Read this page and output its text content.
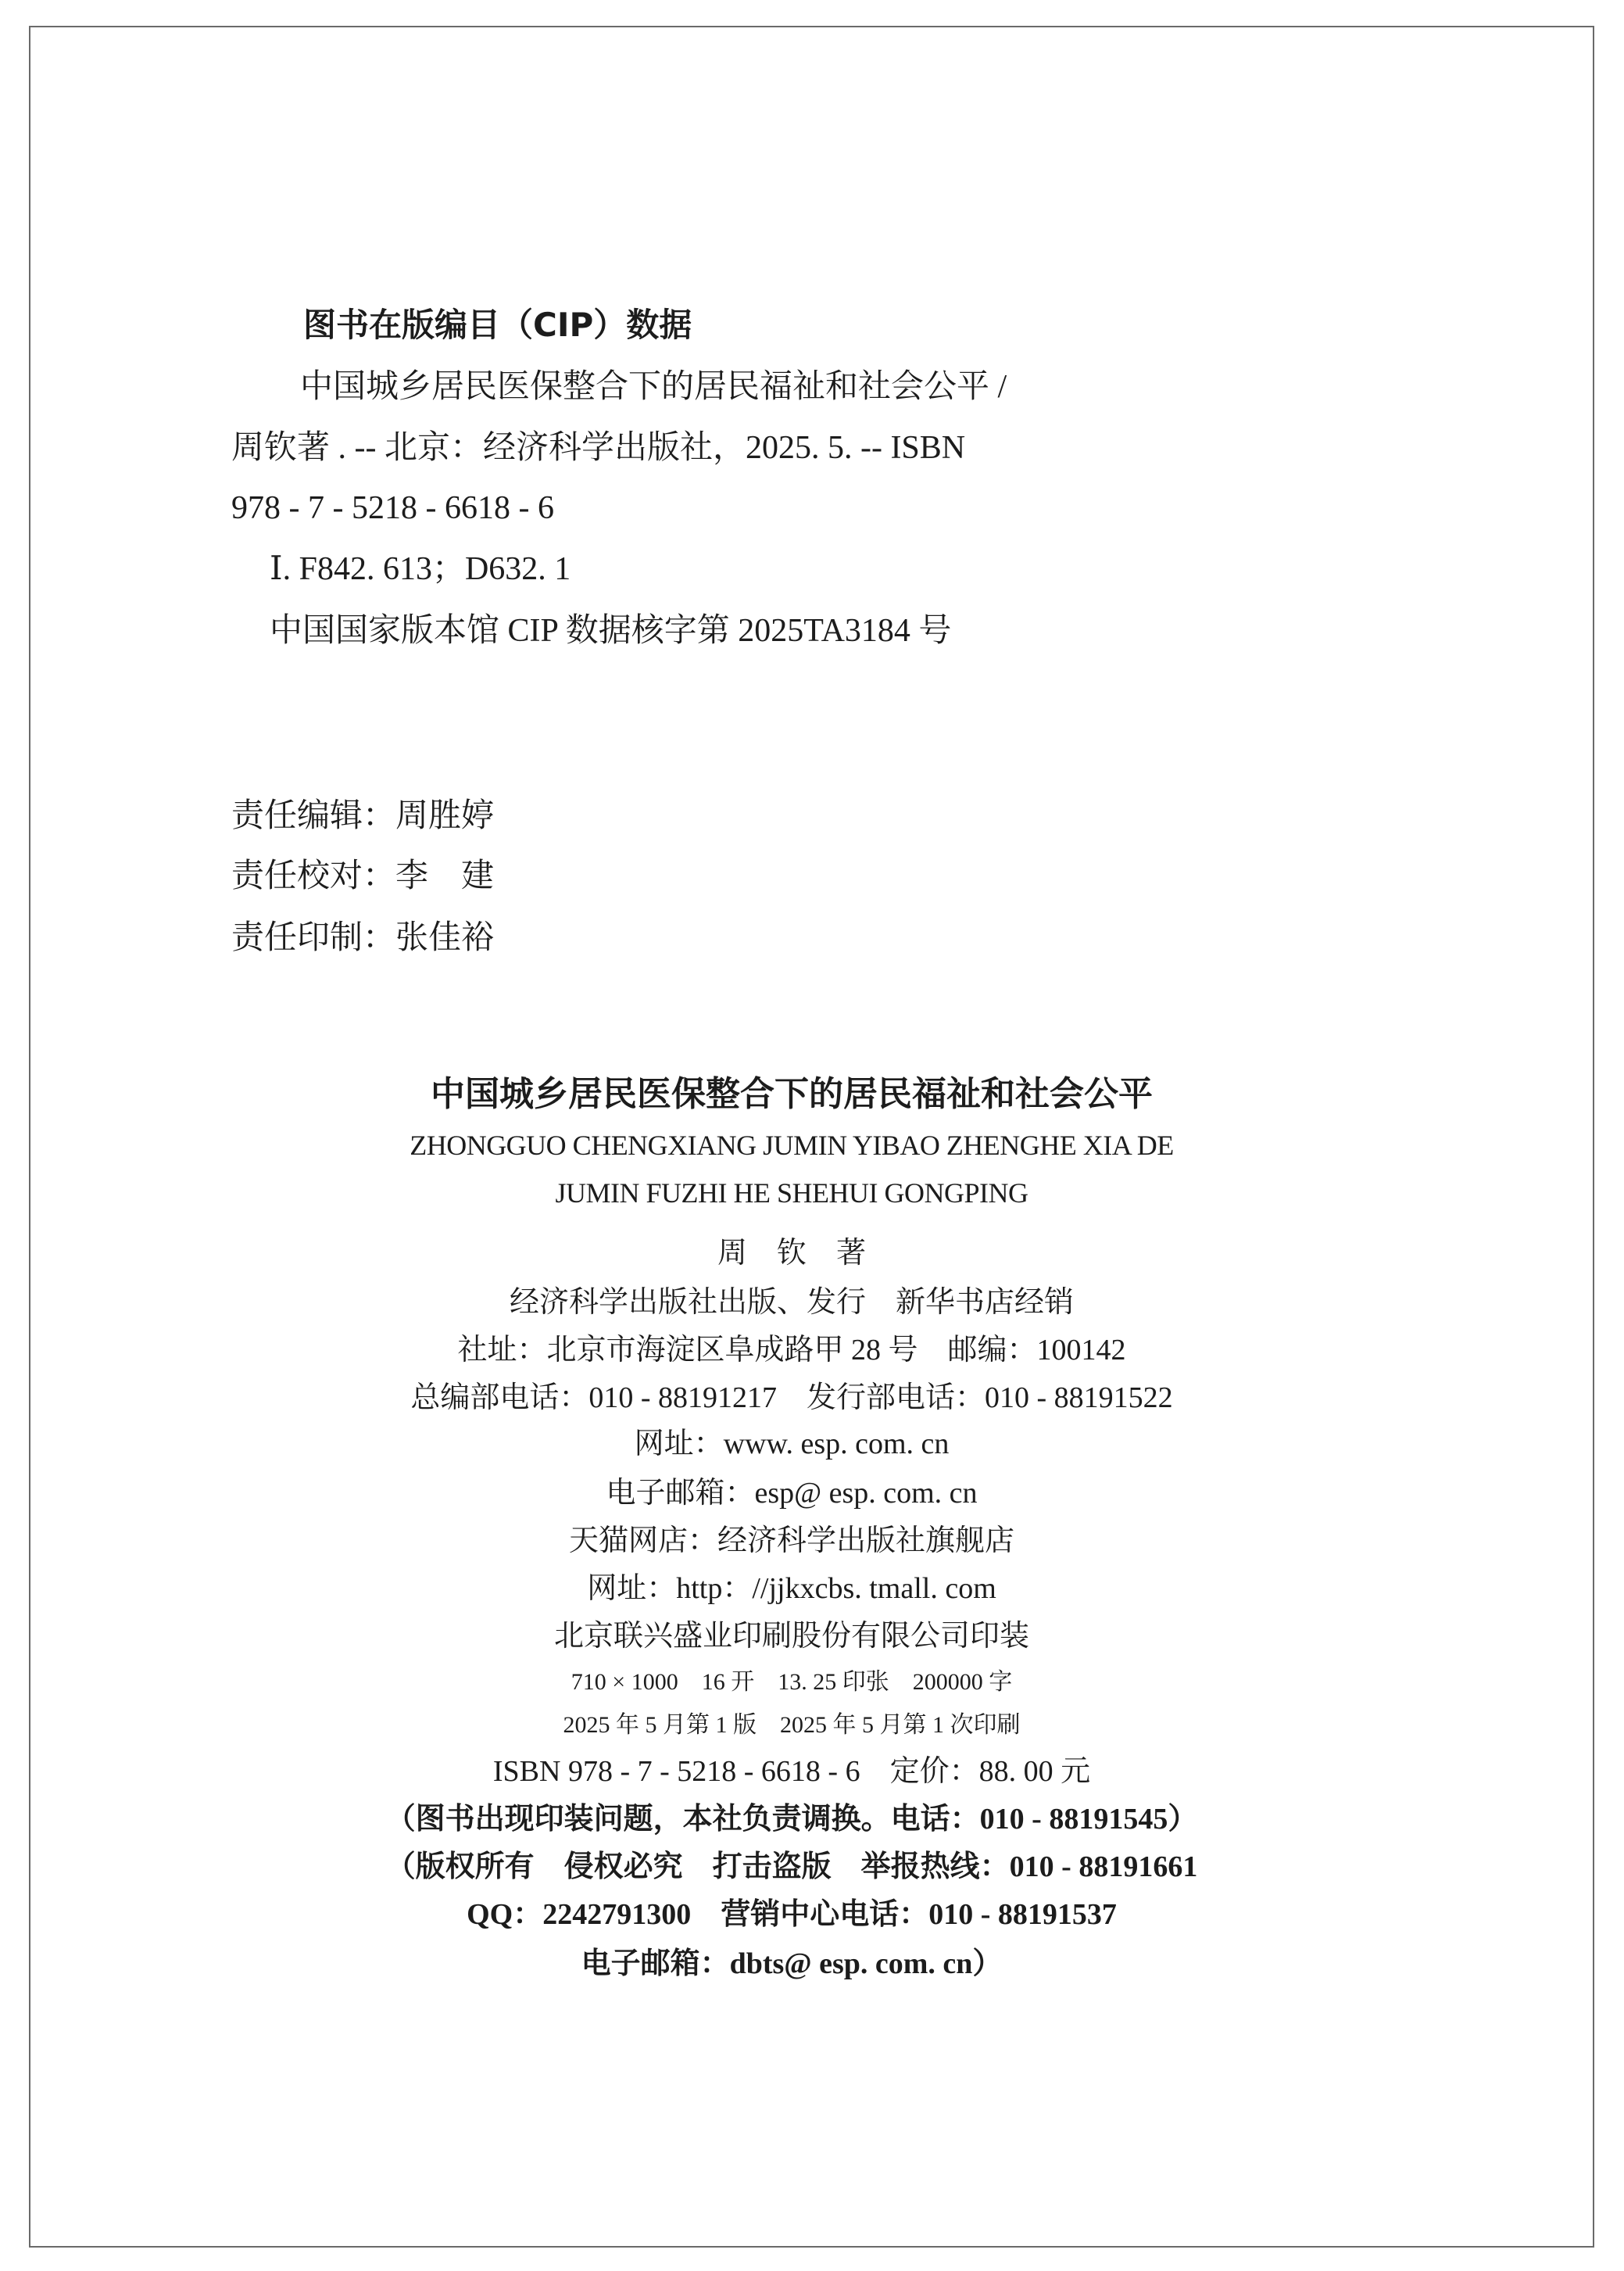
图书在版编目（CIP）数据
中国城乡居民医保整合下的居民福祉和社会公平 /
周钦著 . -- 北京：经济科学出版社，2025. 5. -- ISBN
978 - 7 - 5218 - 6618 - 6
Ⅰ. F842. 613；D632. 1
中国国家版本馆 CIP 数据核字第 2025TA3184 号
责任编辑：周胜婷
责任校对：李　建
责任印制：张佳裕
中国城乡居民医保整合下的居民福祉和社会公平
ZHONGGUO CHENGXIANG JUMIN YIBAO ZHENGHE XIA DE
JUMIN FUZHI HE SHEHUI GONGPING
周　钦　著
经济科学出版社出版、发行　新华书店经销
社址：北京市海淀区阜成路甲 28 号　邮编：100142
总编部电话：010 - 88191217　发行部电话：010 - 88191522
网址：www. esp. com. cn
电子邮箱：esp@ esp. com. cn
天猫网店：经济科学出版社旗舰店
网址：http：//jjkxcbs. tmall. com
北京联兴盛业印刷股份有限公司印装
710 × 1000　16 开　13. 25 印张　200000 字
2025 年 5 月第 1 版　2025 年 5 月第 1 次印刷
ISBN 978 - 7 - 5218 - 6618 - 6　定价：88. 00 元
（图书出现印装问题，本社负责调换。电话：010 - 88191545）
（版权所有　侵权必究　打击盗版　举报热线：010 - 88191661
QQ：2242791300　营销中心电话：010 - 88191537
电子邮箱：dbts@ esp. com. cn）
